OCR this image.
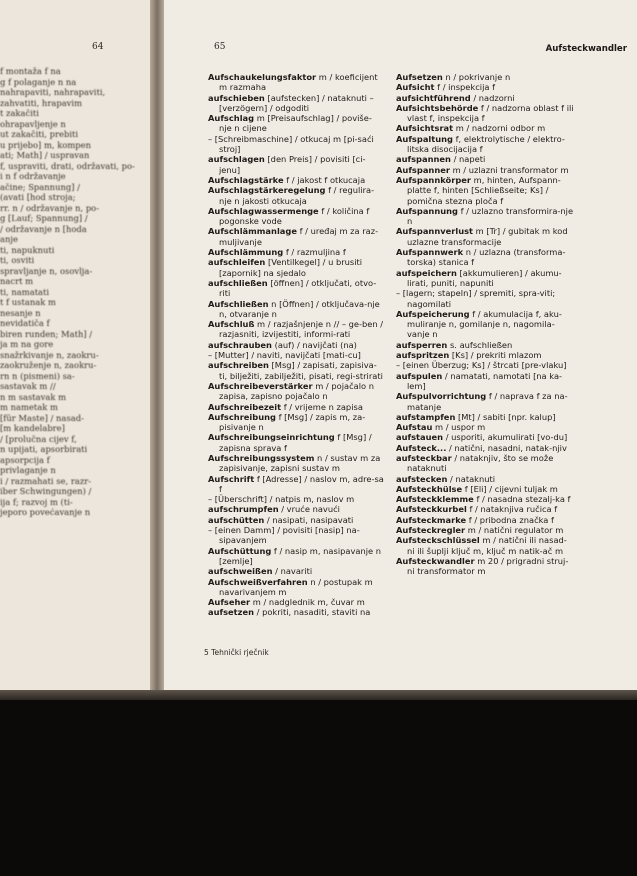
64
f montaža f na
g f polaganje n na
nahrapaviti, nahrapaviti,
zahvatiti, hrapavim
t zakačiti
ohrapavljenje n
ut zakačiti, prebiti
u prijebo] m, kompen
ati; Math] / uspravan
f, uspraviti, drati, održavati, po-
i n f održavanje
ačine; Spannung] /
(avati [hod stroja;
rr. n / održavanje n, po-
g [Lauf; Spannung] /
/ održavanje n [hoda
anje
ti, napuknuti
ti, osviti
spravljanje n, osovlja-
nacrt m
ti, namatati
t f ustanak m
nesanje n
nevidatiča f
biren runden; Math] /
ja m na gore
snažrkivanje n, zaokru-
zaokruženje n, zaokru-
rn n (pismeni) sa-
sastavak m //
n m sastavak m
m nametak m
[für Maste] / nasad-
[m kandelabre]
/ [prolučna cijev f,
n upijati, apsorbirati
apsorpcija f
privlaganje n
i / razmahati se, razr-
iber Schwingungen) /
ija f; razvoj m (ti-
jeporo povećavanje n
65	Aufsteckwandler
Aufschaukelungsfaktor m / koeficijent m razmaha
aufschieben [aufstecken] / nataknuti – [verzögern] / odgoditi
Aufschlag m [Preisaufschlag] / poviše-nje n cijene
– [Schreibmaschine] / otkucaj m [pi-saći stroj]
aufschlagen [den Preis] / povisiti [ci-jenu]
Aufschlagstärke f / jakost f otkucaja
Aufschlagstärkeregelung f / regulira-nje n jakosti otkucaja
Aufschlagwassermenge f / količina f pogonske vode
Aufschlämmanlage f / uređaj m za raz-muljivanje
Aufschlämmung f / razmuljina f
aufschleifen [Ventilkegel] / u brusiti [zapornik] na sjedalo
aufschließen [öffnen] / otključati, otvo-riti
Aufschließen n [Öffnen] / otključava-nje n, otvaranje n
Aufschluß m / razjašnjenje n // – ge-ben / razjasniti, izvijestiti, informi-rati
aufschrauben (auf) / navijčati (na)
– [Mutter] / naviti, navijčati [mati-cu]
aufschreiben [Msg] / zapisati, zapisiva-ti, bilježiti, zabilježiti, pisati, regi-strirati
Aufschreibeverstärker m / pojačalo n zapisa, zapisno pojačalo n
Aufschreibezeit f / vrijeme n zapisa
Aufschreibung f [Msg] / zapis m, za-pisivanje n
Aufschreibungseinrichtung f [Msg] / zapisna sprava f
Aufschreibungssystem n / sustav m za zapisivanje, zapisni sustav m
Aufschrift f [Adresse] / naslov m, adre-sa f
– [Überschrift] / natpis m, naslov m
aufschrumpfen / vruće navući
aufschütten / nasipati, nasipavati
– [einen Damm] / povisiti [nasip] na-sipavanjem
Aufschüttung f / nasip m, nasipavanje n [zemlje]
aufschweißen / navariti
Aufschweißverfahren n / postupak m navarivanjem m
Aufseher m / nadglednik m, čuvar m
aufsetzen / pokriti, nasaditi, staviti na
Aufsetzen n / pokrivanje n
Aufsicht f / inspekcija f
aufsichtführend / nadzorni
Aufsichtsbehörde f / nadzorna oblast f ili vlast f, inspekcija f
Aufsichtsrat m / nadzorni odbor m
Aufspaltung f, elektrolytische / elektro-litska disocijacija f
aufspannen / napeti
Aufspanner m / uzlazni transformator m
Aufspannkörper m, hinten, Aufspann-platte f, hinten [Schließseite; Ks] / pomična stezna ploča f
Aufspannung f / uzlazno transformira-nje n
Aufspannverlust m [Tr] / gubitak m kod uzlazne transformacije
Aufspannwerk n / uzlazna (transforma-torska) stanica f
aufspeichern [akkumulieren] / akumu-lirati, puniti, napuniti
– [lagern; stapeln] / spremiti, spra-viti; nagomilati
Aufspeicherung f / akumulacija f, aku-muliranje n, gomilanje n, nagomila-vanje n
aufsperren s. aufschließen
aufspritzen [Ks] / prekriti mlazom
– [einen Überzug; Ks] / štrcati [pre-vlaku]
aufspulen / namatati, namotati [na ka-lem]
Aufspulvorrichtung f / naprava f za na-matanje
aufstampfen [Mt] / sabiti [npr. kalup]
Aufstau m / uspor m
aufstauen / usporiti, akumulirati [vo-du]
Aufsteck... / natični, nasadni, natak-njiv
aufsteckbar / nataknjiv, što se može nataknuti
aufstecken / nataknuti
Aufsteckhülse f [Eli] / cijevni tuljak m
Aufsteckklemme f / nasadna stezalj-ka f
Aufsteckkurbel f / nataknjiva ručica f
Aufsteckmarke f / pribodna značka f
Aufsteckregler m / natični regulator m
Aufsteckschlüssel m / natični ili nasad-ni ili šuplji ključ m, ključ m natik-ač m
Aufsteckwandler m 20 / prigradni struj-ni transformator m
5 Tehnički rječnik
